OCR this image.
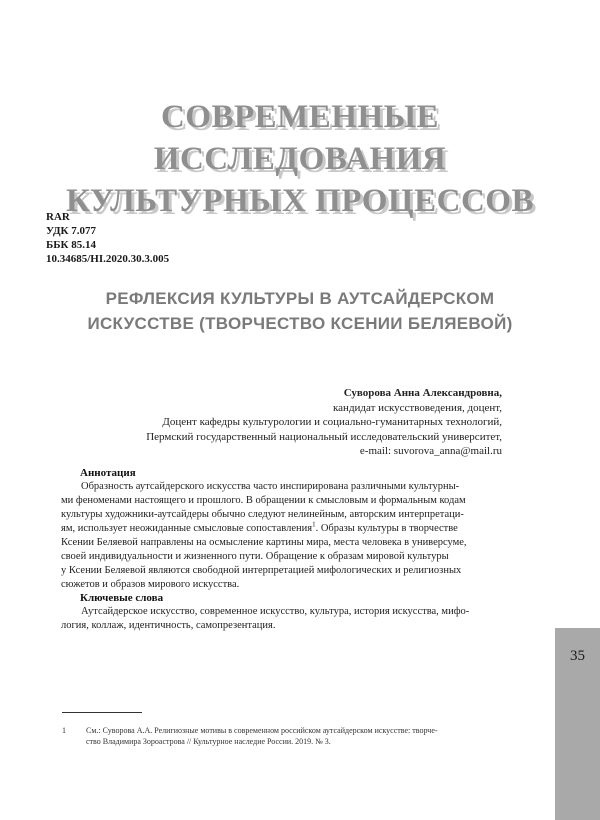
СОВРЕМЕННЫЕ ИССЛЕДОВАНИЯ
КУЛЬТУРНЫХ ПРОЦЕССОВ
RAR
УДК 7.077
ББК 85.14
10.34685/HI.2020.30.3.005
РЕФЛЕКСИЯ КУЛЬТУРЫ В АУТСАЙДЕРСКОМ
ИСКУССТВЕ (ТВОРЧЕСТВО КСЕНИИ БЕЛЯЕВОЙ)
Суворова Анна Александровна,
кандидат искусствоведения, доцент,
Доцент кафедры культурологии и социально-гуманитарных технологий,
Пермский государственный национальный исследовательский университет,
e-mail: suvorova_anna@mail.ru
Аннотация
Образность аутсайдерского искусства часто инспирирована различными культурны-
ми феноменами настоящего и прошлого. В обращении к смысловым и формальным кодам
культуры художники-аутсайдеры обычно следуют нелинейным, авторским интерпретаци-
ям, использует неожиданные смысловые сопоставления$^1$. Образы культуры в творчестве
Ксении Беляевой направлены на осмысление картины мира, места человека в универсуме,
своей индивидуальности и жизненного пути. Обращение к образам мировой культуры
у Ксении Беляевой являются свободной интерпретацией мифологических и религиозных
сюжетов и образов мирового искусства.
Ключевые слова
Аутсайдерское искусство, современное искусство, культура, история искусства, мифо-
логия, коллаж, идентичность, самопрезентация.
1	См.: Суворова А.А. Религиозные мотивы в современном российском аутсайдерском искусстве: творче-
ство Владимира Зороастрова // Культурное наследие России. 2019. № 3.
35
